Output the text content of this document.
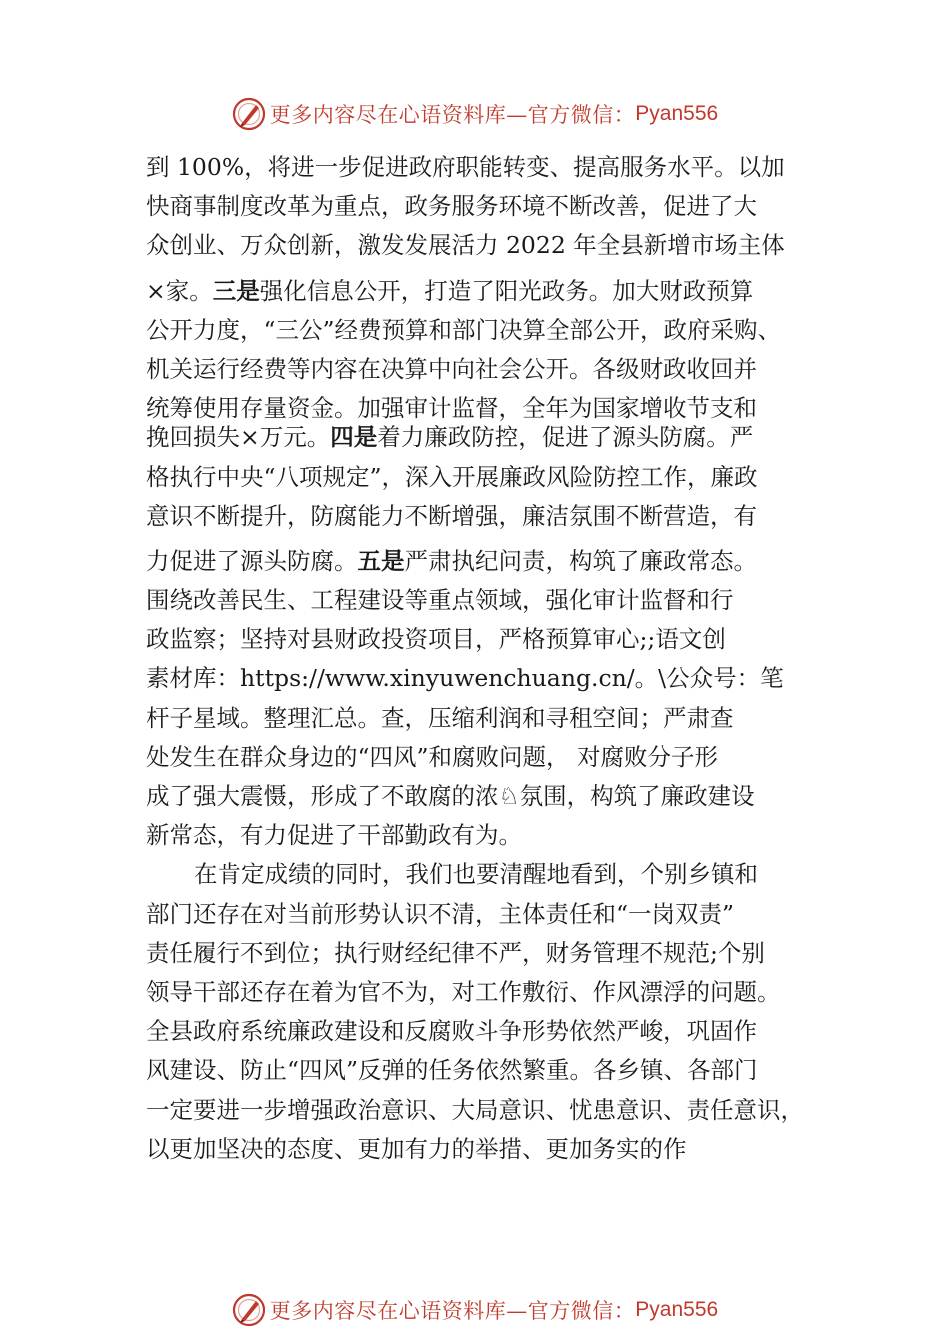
更多内容尽在心语资料库—官方微信： Pyan556
到 100%，将进一步促进政府职能转变、提高服务水平。以加
快商事制度改革为重点，政务服务环境不断改善，促进了大
众创业、万众创新，激发发展活力 2022 年全县新增市场主体
×家。三是强化信息公开，打造了阳光政务。加大财政预算
公开力度，“三公”经费预算和部门决算全部公开，政府采购、
机关运行经费等内容在决算中向社会公开。各级财政收回并
统筹使用存量资金。加强审计监督，全年为国家增收节支和
挽回损失×万元。四是着力廉政防控，促进了源头防腐。严
格执行中央“八项规定”，深入开展廉政风险防控工作，廉政
意识不断提升，防腐能力不断增强，廉洁氛围不断营造，有
力促进了源头防腐。五是严肃执纪问责，构筑了廉政常态。
围绕改善民生、工程建设等重点领域，强化审计监督和行
政监察；坚持对县财政投资项目，严格预算审心;;语文创
素材库：https://www.xinyuwenchuang.cn/。\公众号：笔
杆子星域。整理汇总。查，压缩利润和寻租空间；严肃查
处发生在群众身边的“四风”和腐败问题， 对腐败分子形
成了强大震慑，形成了不敢腐的浓♘氛围，构筑了廉政建设
新常态，有力促进了干部勤政有为。
在肯定成绩的同时，我们也要清醒地看到，个别乡镇和
部门还存在对当前形势认识不清，主体责任和“一岗双责”
责任履行不到位；执行财经纪律不严，财务管理不规范;个别
领导干部还存在着为官不为，对工作敷衍、作风漂浮的问题。
全县政府系统廉政建设和反腐败斗争形势依然严峻，巩固作
风建设、防止“四风”反弹的任务依然繁重。各乡镇、各部门
一定要进一步增强政治意识、大局意识、忧患意识、责任意识，
以更加坚决的态度、更加有力的举措、更加务实的作
更多内容尽在心语资料库—官方微信： Pyan556
